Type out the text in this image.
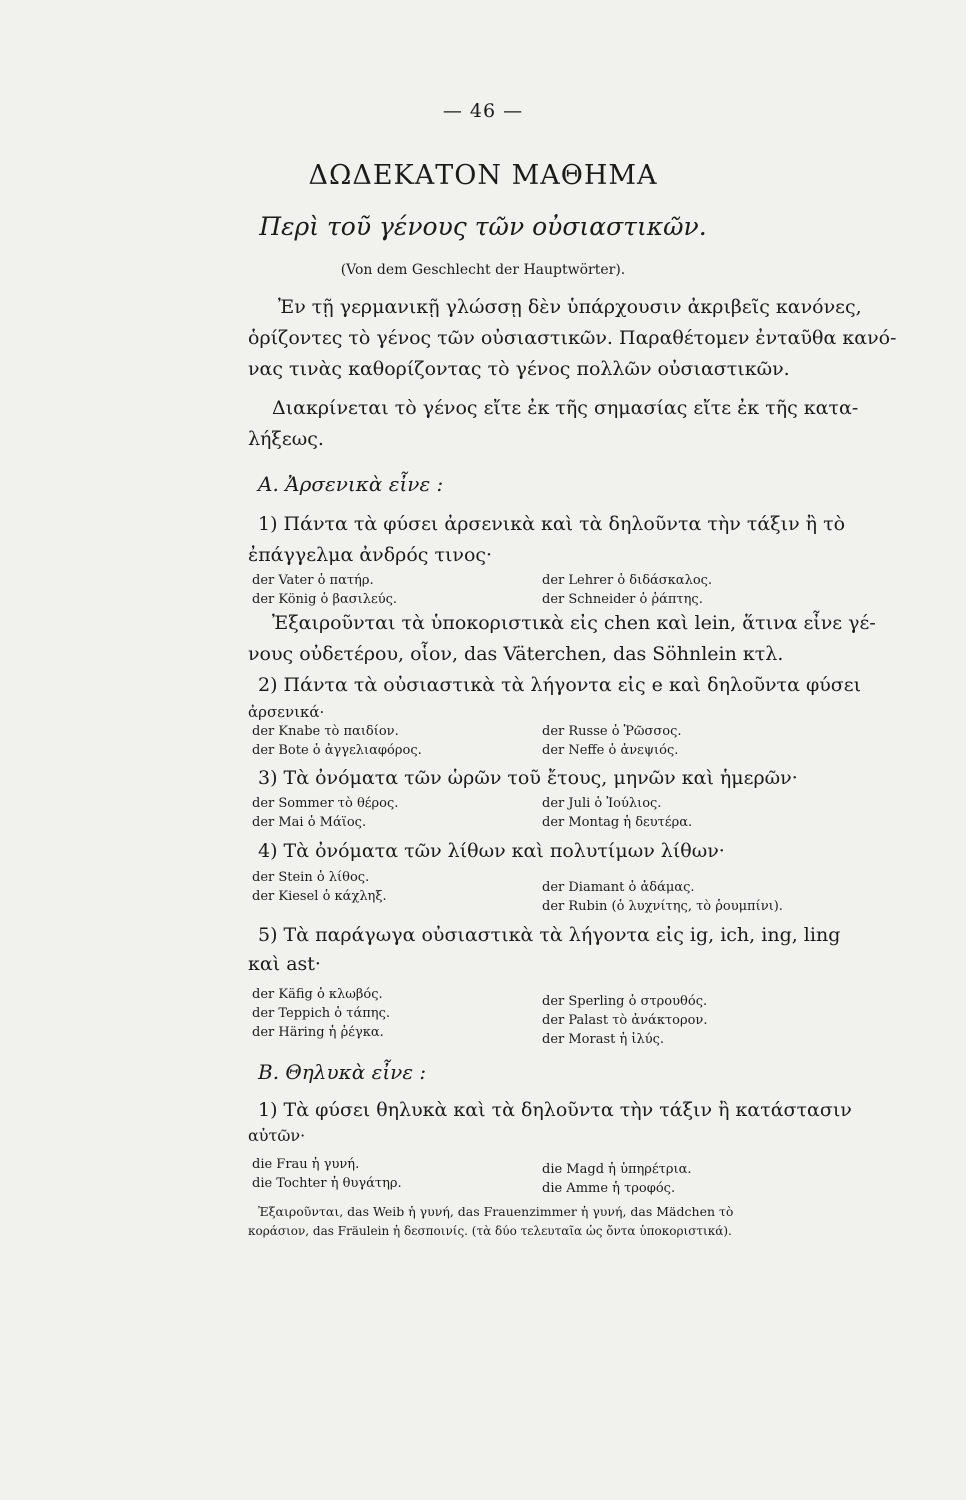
— 46 —
ΔΩΔΕΚΑΤΟΝ ΜΑΘΗΜΑ
Περὶ τοῦ γένους τῶν οὐσιαστικῶν.
(Von dem Geschlecht der Hauptwörter).
Ἐν τῇ γερμανικῇ γλώσσῃ δὲν ὑπάρχουσιν ἀκριβεῖς κανόνες,
ὁρίζοντες τὸ γένος τῶν οὐσιαστικῶν. Παραθέτομεν ἐνταῦθα κανό-
νας τινὰς καθορίζοντας τὸ γένος πολλῶν οὐσιαστικῶν.
Διακρίνεται τὸ γένος εἴτε ἐκ τῆς σημασίας εἴτε ἐκ τῆς κατα-
λήξεως.
Α. Ἀρσενικὰ εἶνε :
1) Πάντα τὰ φύσει ἀρσενικὰ καὶ τὰ δηλοῦντα τὴν τάξιν ἢ τὸ
ἐπάγγελμα ἀνδρός τινος·
der Vater ὁ πατήρ.
der König ὁ βασιλεύς.
der Lehrer ὁ διδάσκαλος.
der Schneider ὁ ῥάπτης.
Ἐξαιροῦνται τὰ ὑποκοριστικὰ εἰς chen καὶ lein, ἅτινα εἶνε γέ-
νους οὐδετέρου, οἷον, das Väterchen, das Söhnlein κτλ.
2) Πάντα τὰ οὐσιαστικὰ τὰ λήγοντα εἰς e καὶ δηλοῦντα φύσει
ἀρσενικά·
der Knabe τὸ παιδίον.
der Bote ὁ ἀγγελιαφόρος.
der Russe ὁ Ῥῶσσος.
der Neffe ὁ ἀνεψιός.
3) Τὰ ὀνόματα τῶν ὡρῶν τοῦ ἔτους, μηνῶν καὶ ἡμερῶν·
der Sommer τὸ θέρος.
der Mai ὁ Μάϊος.
der Juli ὁ Ἰούλιος.
der Montag ἡ δευτέρα.
4) Τὰ ὀνόματα τῶν λίθων καὶ πολυτίμων λίθων·
der Stein ὁ λίθος.
der Kiesel ὁ κάχληξ.
der Diamant ὁ ἀδάμας.
der Rubin (ὁ λυχνίτης, τὸ ῥουμπίνι).
5) Τὰ παράγωγα οὐσιαστικὰ τὰ λήγοντα εἰς ig, ich, ing, ling
καὶ ast·
der Käfig ὁ κλωβός.
der Teppich ὁ τάπης.
der Häring ἡ ῥέγκα.
der Sperling ὁ στρουθός.
der Palast τὸ ἀνάκτορον.
der Morast ἡ ἰλύς.
Β. Θηλυκὰ εἶνε :
1) Τὰ φύσει θηλυκὰ καὶ τὰ δηλοῦντα τὴν τάξιν ἢ κατάστασιν
αὐτῶν·
die Frau ἡ γυνή.
die Tochter ἡ θυγάτηρ.
die Magd ἡ ὑπηρέτρια.
die Amme ἡ τροφός.
Ἐξαιροῦνται, das Weib ἡ γυνή, das Frauenzimmer ἡ γυνή, das Mädchen τὸ
κοράσιον, das Fräulein ἡ δεσποινίς. (τὰ δύο τελευταῖα ὡς ὄντα ὑποκοριστικά).
